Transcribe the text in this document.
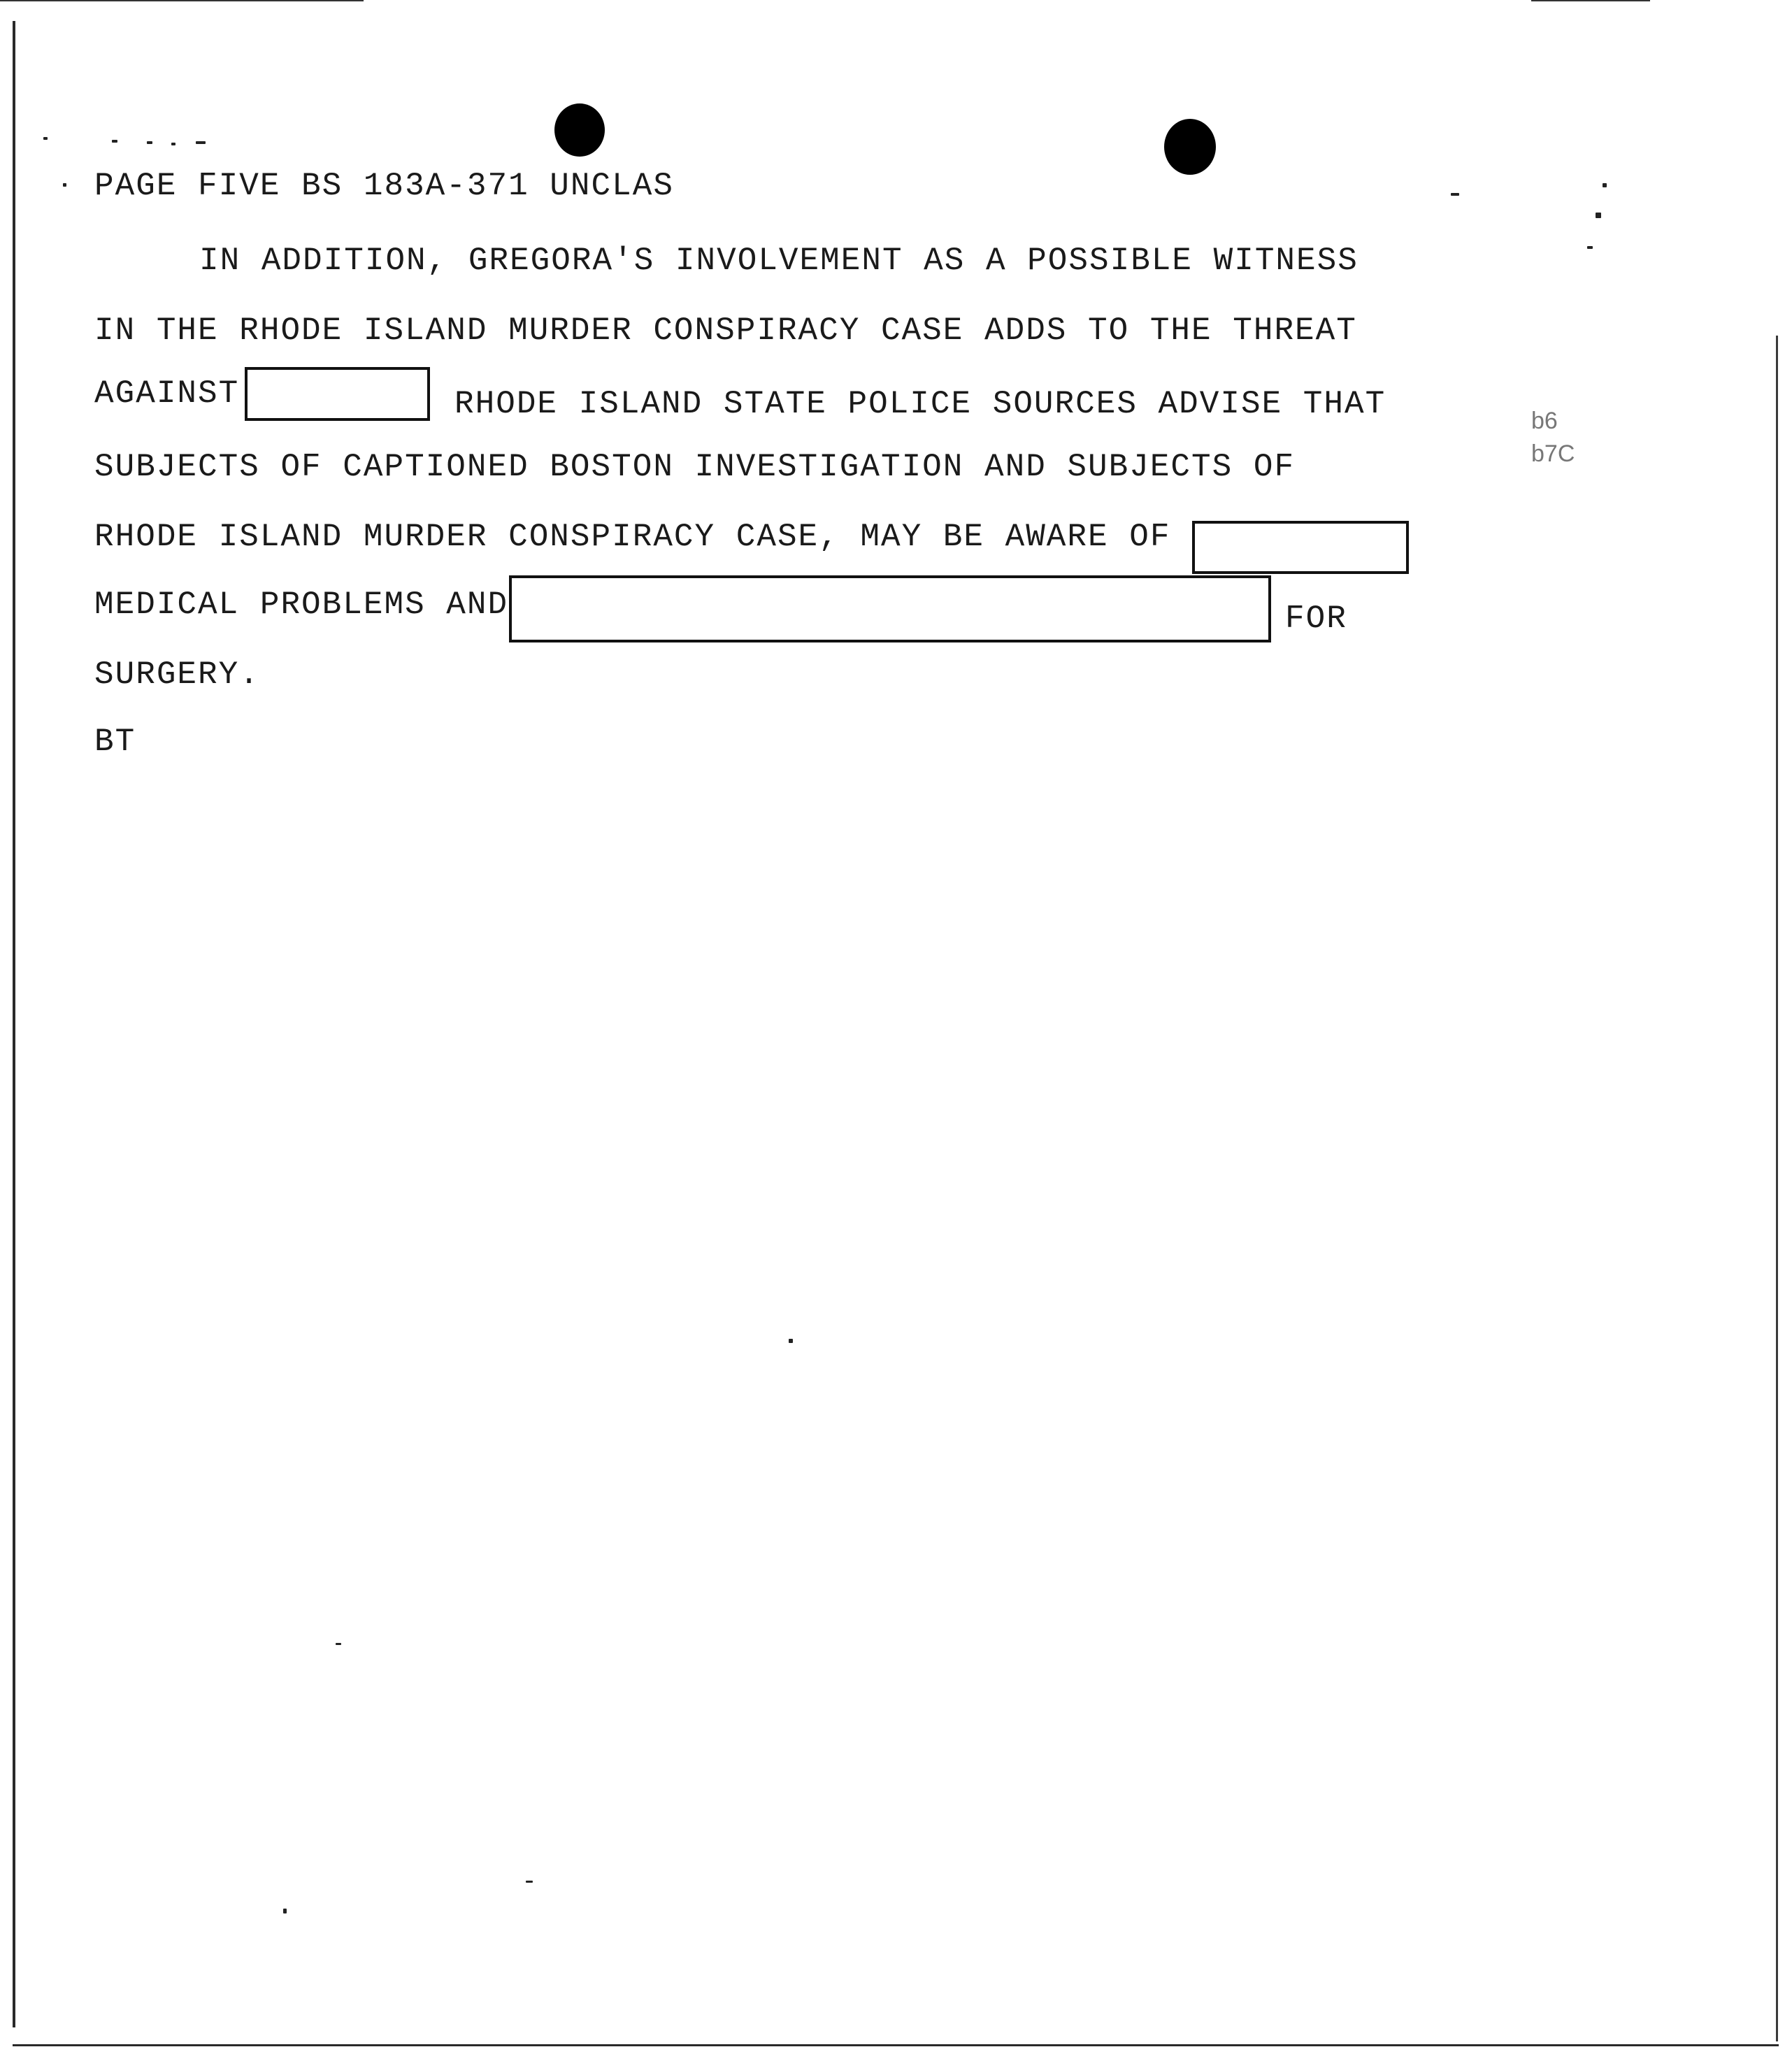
PAGE FIVE BS 183A-371 UNCLAS
IN ADDITION, GREGORA'S INVOLVEMENT AS A POSSIBLE WITNESS
IN THE RHODE ISLAND MURDER CONSPIRACY CASE ADDS TO THE THREAT
AGAINST	RHODE ISLAND STATE POLICE SOURCES ADVISE THAT
SUBJECTS OF CAPTIONED BOSTON INVESTIGATION AND SUBJECTS OF
RHODE ISLAND MURDER CONSPIRACY CASE, MAY BE AWARE OF
MEDICAL PROBLEMS AND	FOR
SURGERY.
BT
b6
b7C
